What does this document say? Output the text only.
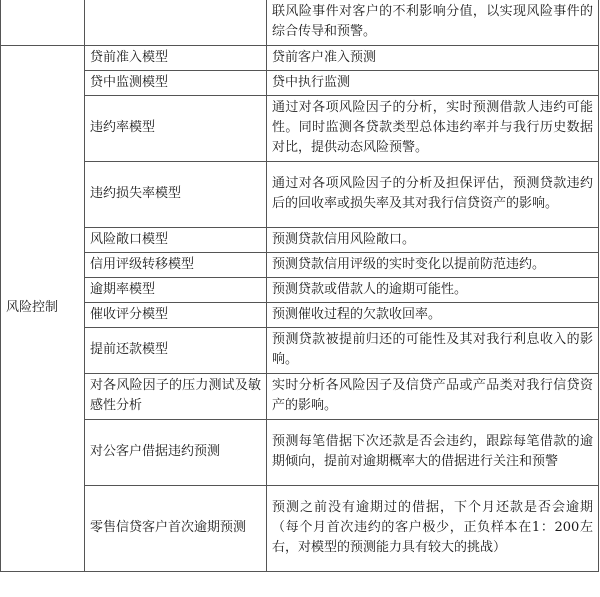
		联风险事件对客户的不利影响分值，以实现风险事件的综合传导和预警。
风险控制	贷前准入模型	贷前客户准入预测
	贷中监测模型	贷中执行监测
	违约率模型	通过对各项风险因子的分析，实时预测借款人违约可能性。同时监测各贷款类型总体违约率并与我行历史数据对比，提供动态风险预警。
	违约损失率模型	通过对各项风险因子的分析及担保评估，预测贷款违约后的回收率或损失率及其对我行信贷资产的影响。
	风险敞口模型	预测贷款信用风险敞口。
	信用评级转移模型	预测贷款信用评级的实时变化以提前防范违约。
	逾期率模型	预测贷款或借款人的逾期可能性。
	催收评分模型	预测催收过程的欠款收回率。
	提前还款模型	预测贷款被提前归还的可能性及其对我行利息收入的影响。
	对各风险因子的压力测试及敏感性分析	实时分析各风险因子及信贷产品或产品类对我行信贷资产的影响。
	对公客户借据违约预测	预测每笔借据下次还款是否会违约，跟踪每笔借款的逾期倾向，提前对逾期概率大的借据进行关注和预警
	零售信贷客户首次逾期预测	预测之前没有逾期过的借据，下个月还款是否会逾期（每个月首次违约的客户极少，正负样本在1：200左右，对模型的预测能力具有较大的挑战）
